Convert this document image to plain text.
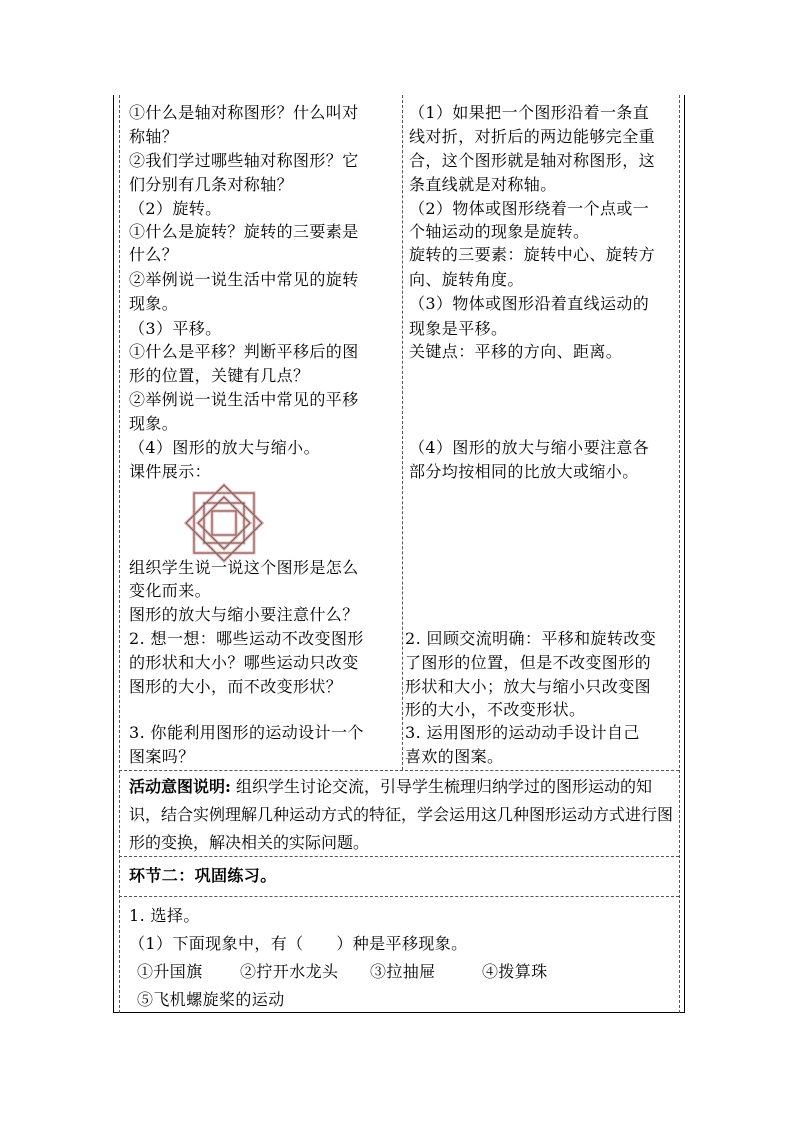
①什么是轴对称图形？什么叫对
称轴？
②我们学过哪些轴对称图形？它
们分别有几条对称轴？
（2）旋转。
①什么是旋转？旋转的三要素是
什么？
②举例说一说生活中常见的旋转
现象。
（3）平移。
①什么是平移？判断平移后的图
形的位置，关键有几点？
②举例说一说生活中常见的平移
现象。
（4）图形的放大与缩小。
课件展示：
组织学生说一说这个图形是怎么
变化而来。
图形的放大与缩小要注意什么？
2. 想一想：哪些运动不改变图形
的形状和大小？哪些运动只改变
图形的大小，而不改变形状？
3. 你能利用图形的运动设计一个
图案吗？
（1）如果把一个图形沿着一条直
线对折，对折后的两边能够完全重
合，这个图形就是轴对称图形，这
条直线就是对称轴。
（2）物体或图形绕着一个点或一
个轴运动的现象是旋转。
旋转的三要素：旋转中心、旋转方
向、旋转角度。
（3）物体或图形沿着直线运动的
现象是平移。
关键点：平移的方向、距离。
（4）图形的放大与缩小要注意各
部分均按相同的比放大或缩小。
2. 回顾交流明确：平移和旋转改变
了图形的位置，但是不改变图形的
形状和大小；放大与缩小只改变图
形的大小，不改变形状。
3. 运用图形的运动动手设计自己
喜欢的图案。
活动意图说明: 组织学生讨论交流，引导学生梳理归纳学过的图形运动的知识，结合实例理解几种运动方式的特征，学会运用这几种图形运动方式进行图形的变换，解决相关的实际问题。
环节二：巩固练习。
1. 选择。
（1）下面现象中，有（　　）种是平移现象。
①升国旗 ②拧开水龙头 ③拉抽屉	④拨算珠
⑤飞机螺旋桨的运动
